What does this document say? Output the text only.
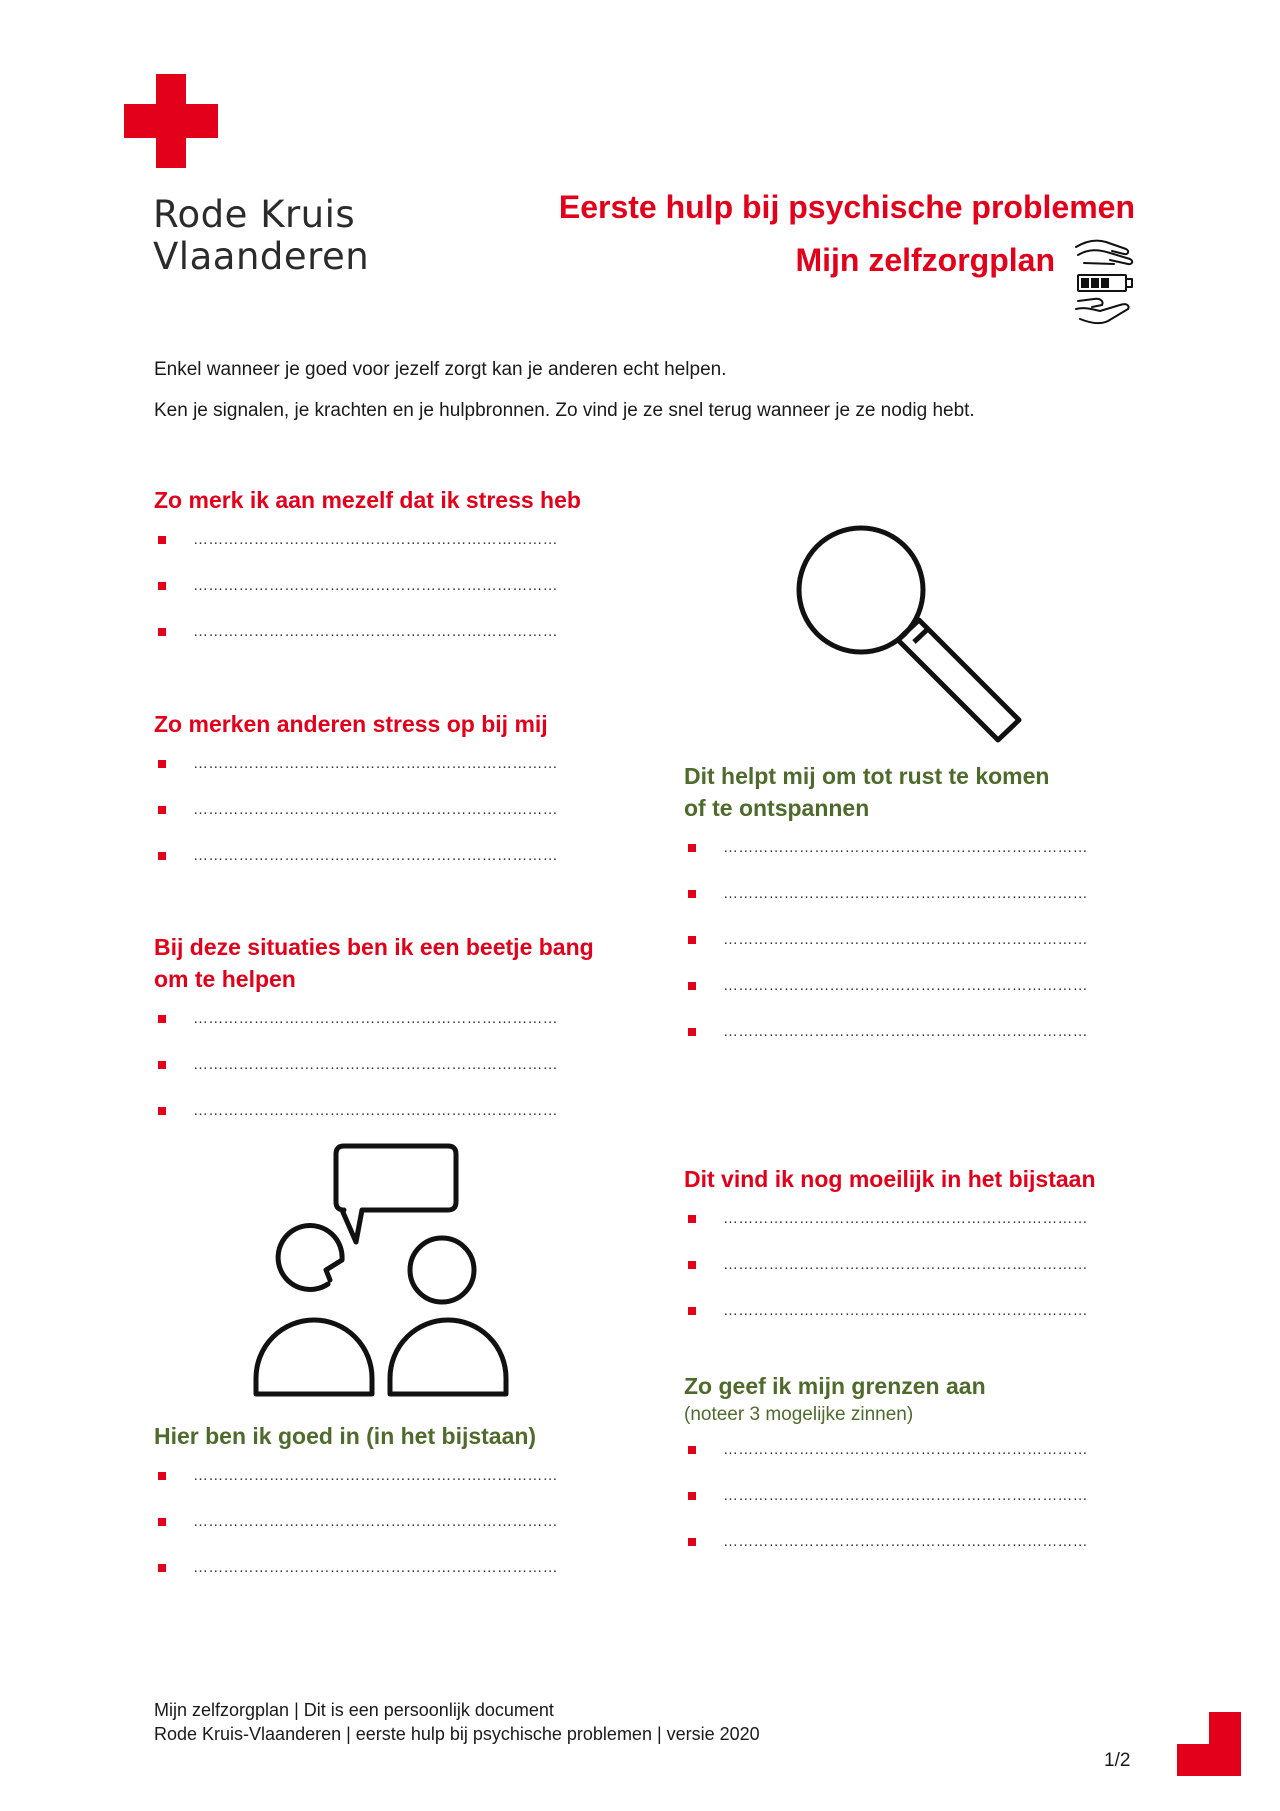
Rode Kruis
Vlaanderen
Eerste hulp bij psychische problemen
Mijn zelfzorgplan
Enkel wanneer je goed voor jezelf zorgt kan je anderen echt helpen.
Ken je signalen, je krachten en je hulpbronnen. Zo vind je ze snel terug wanneer je ze nodig hebt.
Zo merk ik aan mezelf dat ik stress heb
………………………………………………………………
………………………………………………………………
………………………………………………………………
Zo merken anderen stress op bij mij
………………………………………………………………
………………………………………………………………
………………………………………………………………
Dit helpt mij om tot rust te komen
of te ontspannen
………………………………………………………………
………………………………………………………………
………………………………………………………………
………………………………………………………………
………………………………………………………………
Bij deze situaties ben ik een beetje bang
om te helpen
………………………………………………………………
………………………………………………………………
………………………………………………………………
Dit vind ik nog moeilijk in het bijstaan
………………………………………………………………
………………………………………………………………
………………………………………………………………
Zo geef ik mijn grenzen aan
(noteer 3 mogelijke zinnen)
………………………………………………………………
………………………………………………………………
………………………………………………………………
Hier ben ik goed in (in het bijstaan)
………………………………………………………………
………………………………………………………………
………………………………………………………………
Mijn zelfzorgplan | Dit is een persoonlijk document
Rode Kruis-Vlaanderen | eerste hulp bij psychische problemen | versie 2020
1/2
